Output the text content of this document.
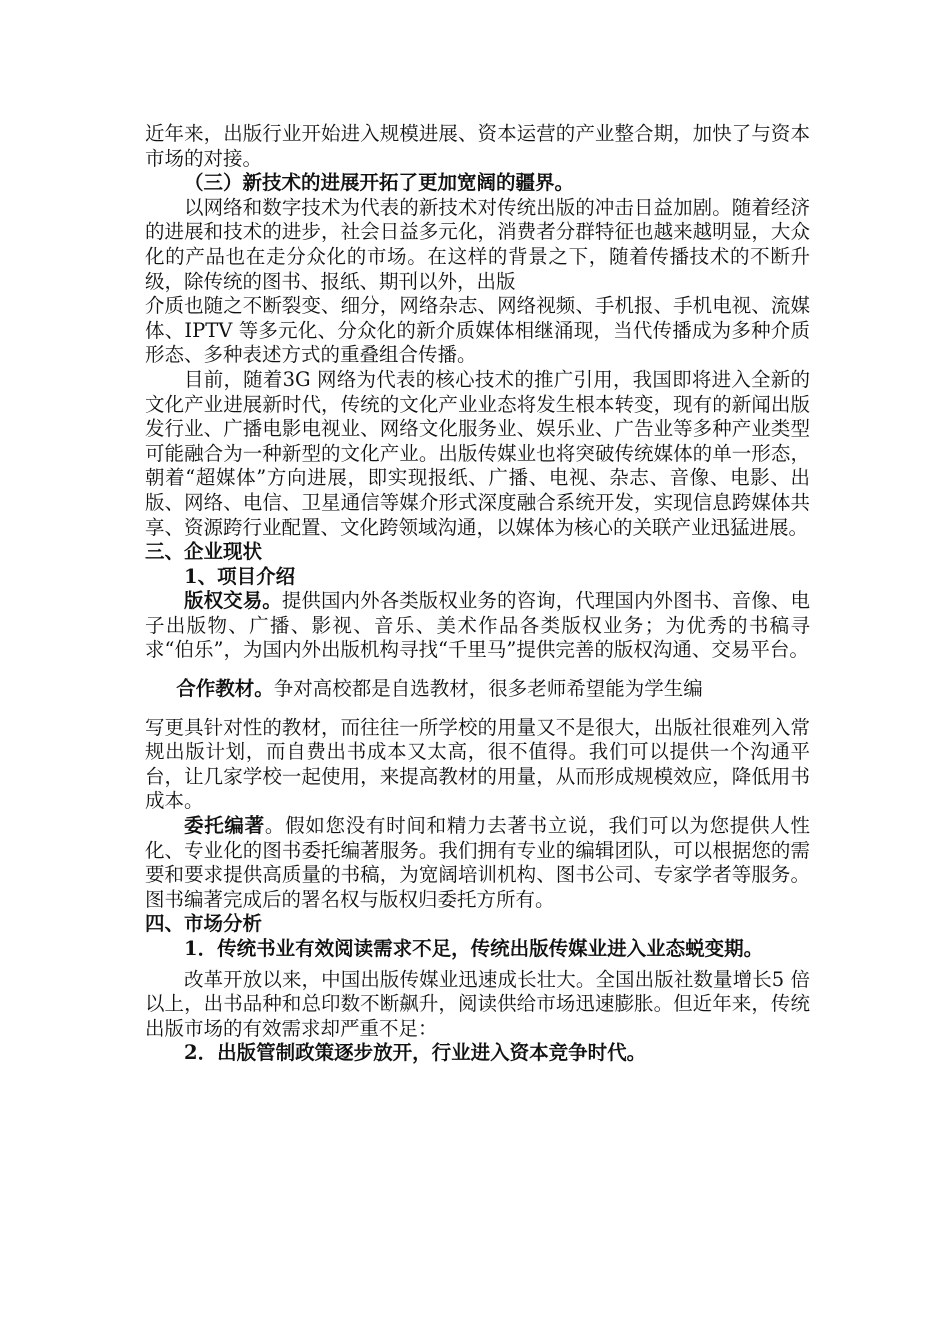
近年来，出版行业开始进入规模进展、资本运营的产业整合期，加快了与资本市场的对接。

（三）新技术的进展开拓了更加宽阔的疆界。

以网络和数字技术为代表的新技术对传统出版的冲击日益加剧。随着经济的进展和技术的进步，社会日益多元化，消费者分群特征也越来越明显，大众化的产品也在走分众化的市场。在这样的背景之下，随着传播技术的不断升级，除传统的图书、报纸、期刊以外，出版

介质也随之不断裂变、细分，网络杂志、网络视频、手机报、手机电视、流媒体、IPTV 等多元化、分众化的新介质媒体相继涌现，当代传播成为多种介质形态、多种表述方式的重叠组合传播。

目前，随着3G 网络为代表的核心技术的推广引用，我国即将进入全新的文化产业进展新时代，传统的文化产业业态将发生根本转变，现有的新闻出版发行业、广播电影电视业、网络文化服务业、娱乐业、广告业等多种产业类型可能融合为一种新型的文化产业。出版传媒业也将突破传统媒体的单一形态，朝着“超媒体”方向进展，即实现报纸、广播、电视、杂志、音像、电影、出版、网络、电信、卫星通信等媒介形式深度融合系统开发，实现信息跨媒体共享、资源跨行业配置、文化跨领域沟通，以媒体为核心的关联产业迅猛进展。

三、企业现状

1、项目介绍

版权交易。提供国内外各类版权业务的咨询，代理国内外图书、音像、电子出版物、广播、影视、音乐、美术作品各类版权业务；为优秀的书稿寻求“伯乐”，为国内外出版机构寻找“千里马”提供完善的版权沟通、交易平台。

合作教材。争对高校都是自选教材，很多老师希望能为学生编

写更具针对性的教材，而往往一所学校的用量又不是很大，出版社很难列入常规出版计划，而自费出书成本又太高，很不值得。我们可以提供一个沟通平台，让几家学校一起使用，来提高教材的用量，从而形成规模效应，降低用书成本。

委托编著。假如您没有时间和精力去著书立说，我们可以为您提供人性化、专业化的图书委托编著服务。我们拥有专业的编辑团队，可以根据您的需要和要求提供高质量的书稿，为宽阔培训机构、图书公司、专家学者等服务。图书编著完成后的署名权与版权归委托方所有。

四、市场分析

1．传统书业有效阅读需求不足，传统出版传媒业进入业态蜕变期。

改革开放以来，中国出版传媒业迅速成长壮大。全国出版社数量增长5 倍以上，出书品种和总印数不断飙升，阅读供给市场迅速膨胀。但近年来，传统出版市场的有效需求却严重不足：

2．出版管制政策逐步放开，行业进入资本竞争时代。
